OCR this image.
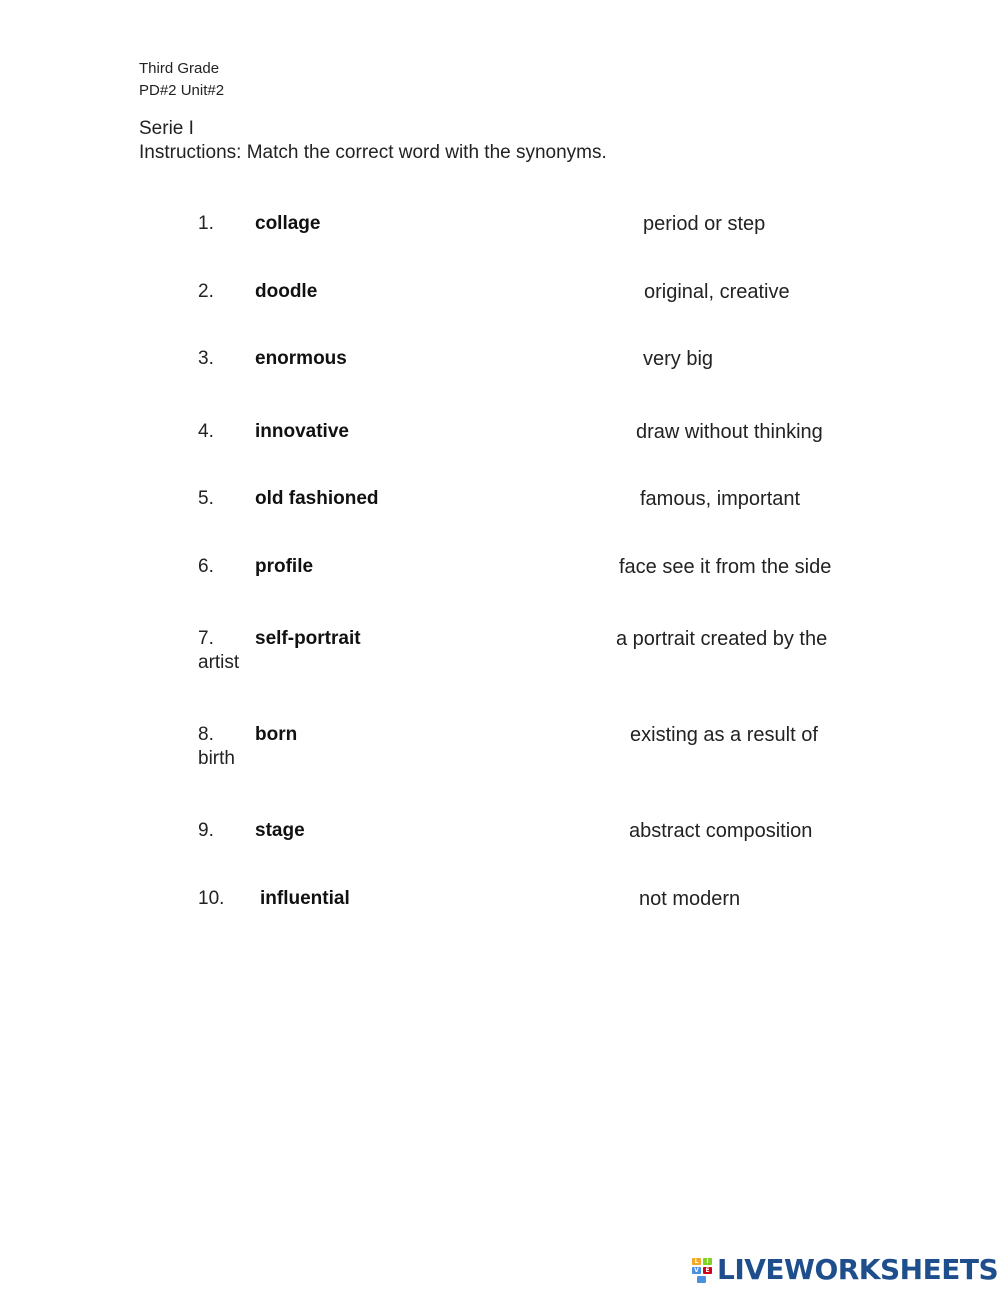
Third Grade
PD#2 Unit#2
Serie I
Instructions: Match the correct word with the synonyms.
1. collage	period or step
2. doodle	original, creative
3. enormous	very big
4. innovative	draw without thinking
5. old fashioned	famous, important
6. profile	face see it from the side
7. self-portrait	a portrait created by the
artist
8. born	existing as a result of
birth
9. stage	abstract composition
10. influential	not modern
L	I
V	E LIVEWORKSHEETS
